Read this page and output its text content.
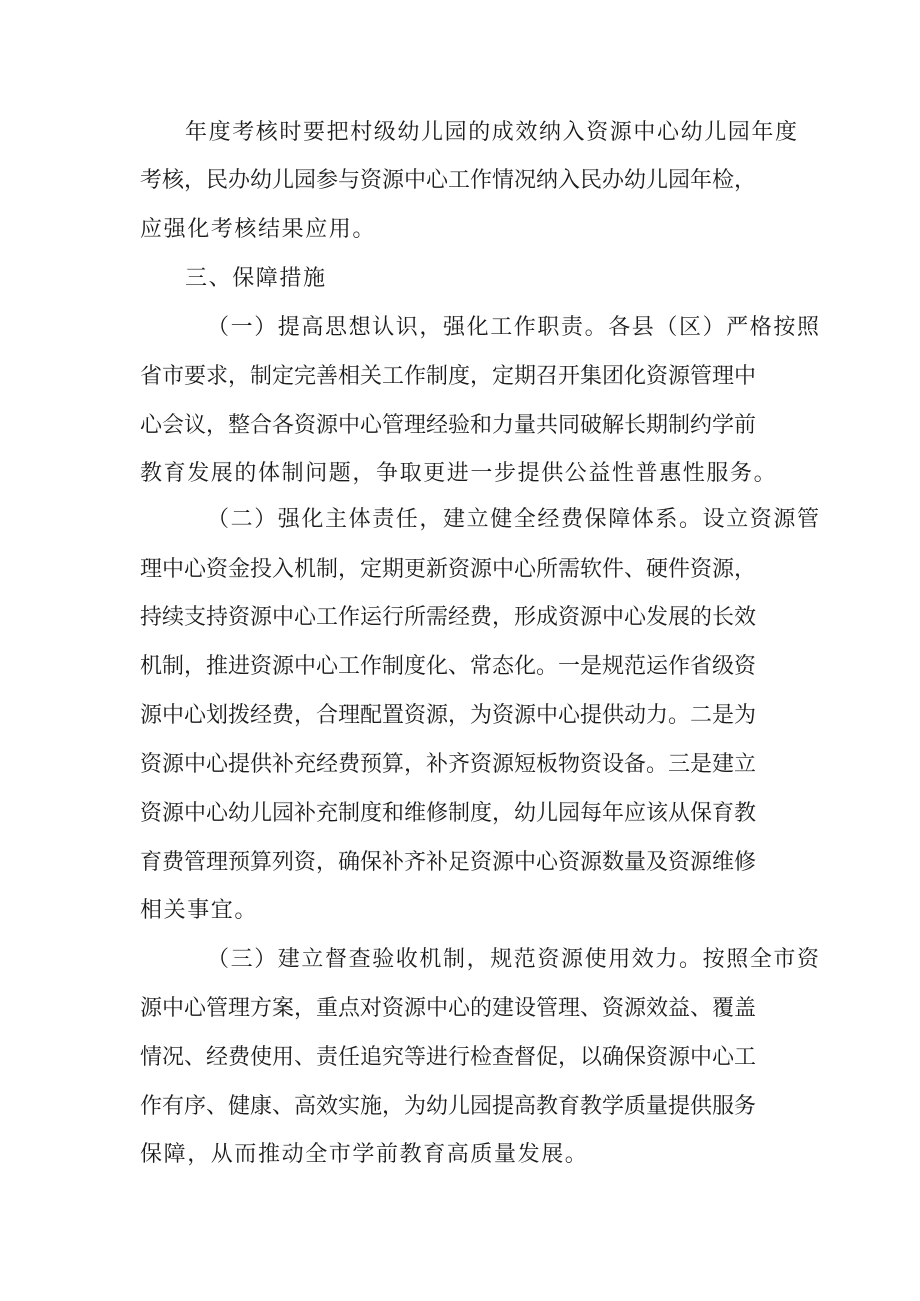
年度考核时要把村级幼儿园的成效纳入资源中心幼儿园年度
考核，民办幼儿园参与资源中心工作情况纳入民办幼儿园年检，
应强化考核结果应用。
三、保障措施
（一）提高思想认识，强化工作职责。各县（区）严格按照
省市要求，制定完善相关工作制度，定期召开集团化资源管理中
心会议，整合各资源中心管理经验和力量共同破解长期制约学前
教育发展的体制问题，争取更进一步提供公益性普惠性服务。
（二）强化主体责任，建立健全经费保障体系。设立资源管
理中心资金投入机制，定期更新资源中心所需软件、硬件资源，
持续支持资源中心工作运行所需经费，形成资源中心发展的长效
机制，推进资源中心工作制度化、常态化。一是规范运作省级资
源中心划拨经费，合理配置资源，为资源中心提供动力。二是为
资源中心提供补充经费预算，补齐资源短板物资设备。三是建立
资源中心幼儿园补充制度和维修制度，幼儿园每年应该从保育教
育费管理预算列资，确保补齐补足资源中心资源数量及资源维修
相关事宜。
（三）建立督查验收机制，规范资源使用效力。按照全市资
源中心管理方案，重点对资源中心的建设管理、资源效益、覆盖
情况、经费使用、责任追究等进行检查督促，以确保资源中心工
作有序、健康、高效实施，为幼儿园提高教育教学质量提供服务
保障，从而推动全市学前教育高质量发展。
